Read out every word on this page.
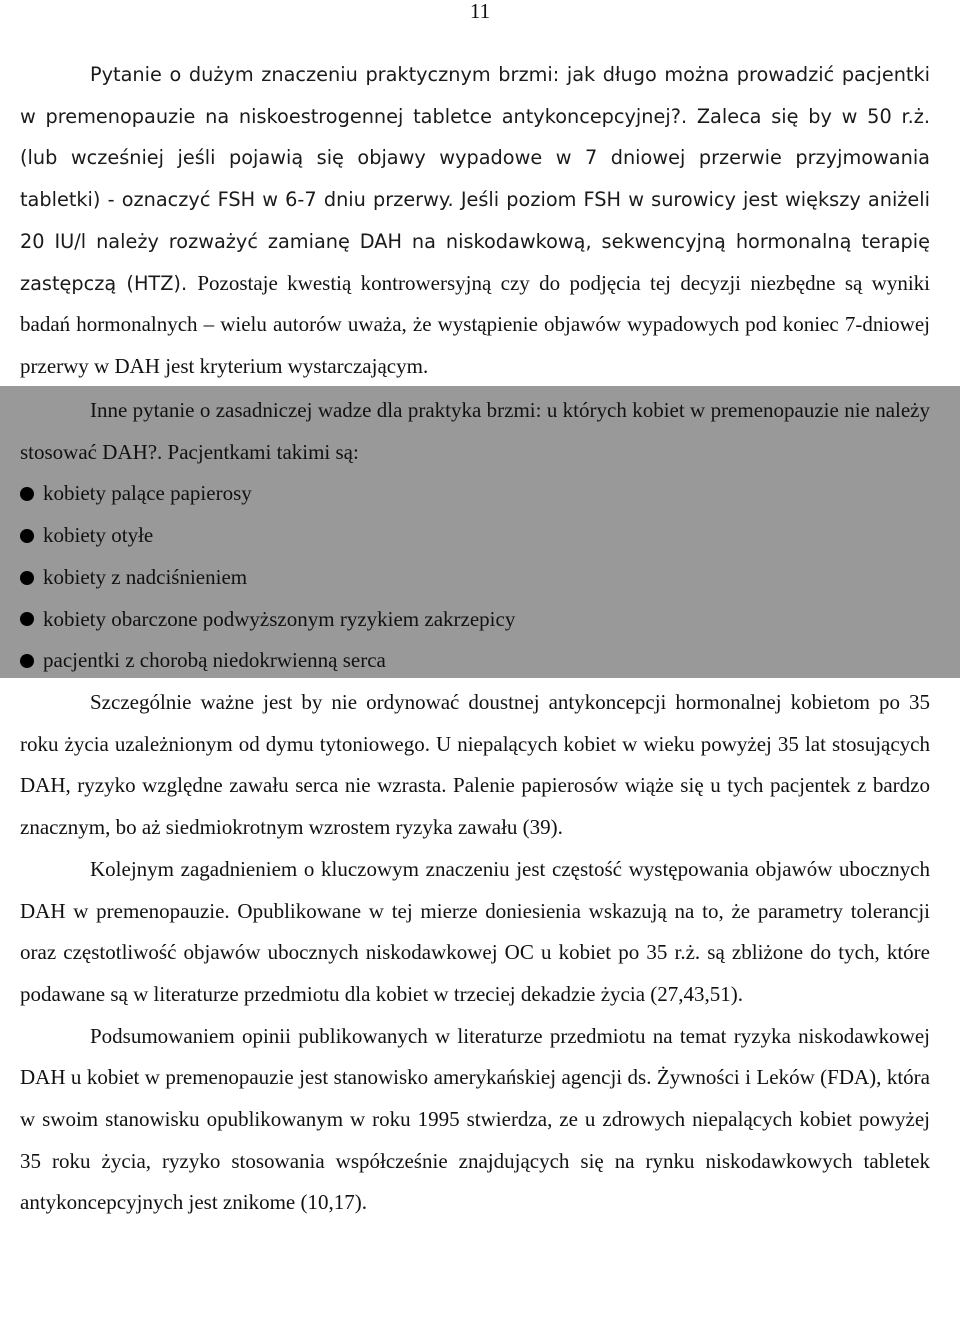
11

Pytanie o dużym znaczeniu praktycznym brzmi: jak długo można prowadzić pacjentki w premenopauzie na niskoestrogennej tabletce antykoncepcyjnej?. Zaleca się by w 50 r.ż. (lub wcześniej jeśli pojawią się objawy wypadowe w 7 dniowej przerwie przyjmowania tabletki) - oznaczyć FSH w 6-7 dniu przerwy. Jeśli poziom FSH w surowicy jest większy aniżeli 20 IU/l należy rozważyć zamianę DAH na niskodawkową, sekwencyjną hormonalną terapię zastępczą (HTZ). Pozostaje kwestią kontrowersyjną czy do podjęcia tej decyzji niezbędne są wyniki badań hormonalnych – wielu autorów uważa, że wystąpienie objawów wypadowych pod koniec 7-dniowej przerwy w DAH jest kryterium wystarczającym.

Inne pytanie o zasadniczej wadze dla praktyka brzmi: u których kobiet w premenopauzie nie należy stosować DAH?. Pacjentkami takimi są:

kobiety palące papierosy
kobiety otyłe
kobiety z nadciśnieniem
kobiety obarczone podwyższonym ryzykiem zakrzepicy
pacjentki z chorobą niedokrwienną serca

Szczególnie ważne jest by nie ordynować doustnej antykoncepcji hormonalnej kobietom po 35 roku życia uzależnionym od dymu tytoniowego. U niepalących kobiet w wieku powyżej 35 lat stosujących DAH, ryzyko względne zawału serca nie wzrasta. Palenie papierosów wiąże się u tych pacjentek z bardzo znacznym, bo aż siedmiokrotnym wzrostem ryzyka zawału (39).

Kolejnym zagadnieniem o kluczowym znaczeniu jest częstość występowania objawów ubocznych DAH w premenopauzie. Opublikowane w tej mierze doniesienia wskazują na to, że parametry tolerancji oraz częstotliwość objawów ubocznych niskodawkowej OC u kobiet po 35 r.ż. są zbliżone do tych, które podawane są w literaturze przedmiotu dla kobiet w trzeciej dekadzie życia (27,43,51).

Podsumowaniem opinii publikowanych w literaturze przedmiotu na temat ryzyka niskodawkowej DAH u kobiet w premenopauzie jest stanowisko amerykańskiej agencji ds. Żywności i Leków (FDA), która w swoim stanowisku opublikowanym w roku 1995 stwierdza, ze u zdrowych niepalących kobiet powyżej 35 roku życia, ryzyko stosowania współcześnie znajdujących się na rynku niskodawkowych tabletek antykoncepcyjnych jest znikome (10,17).
